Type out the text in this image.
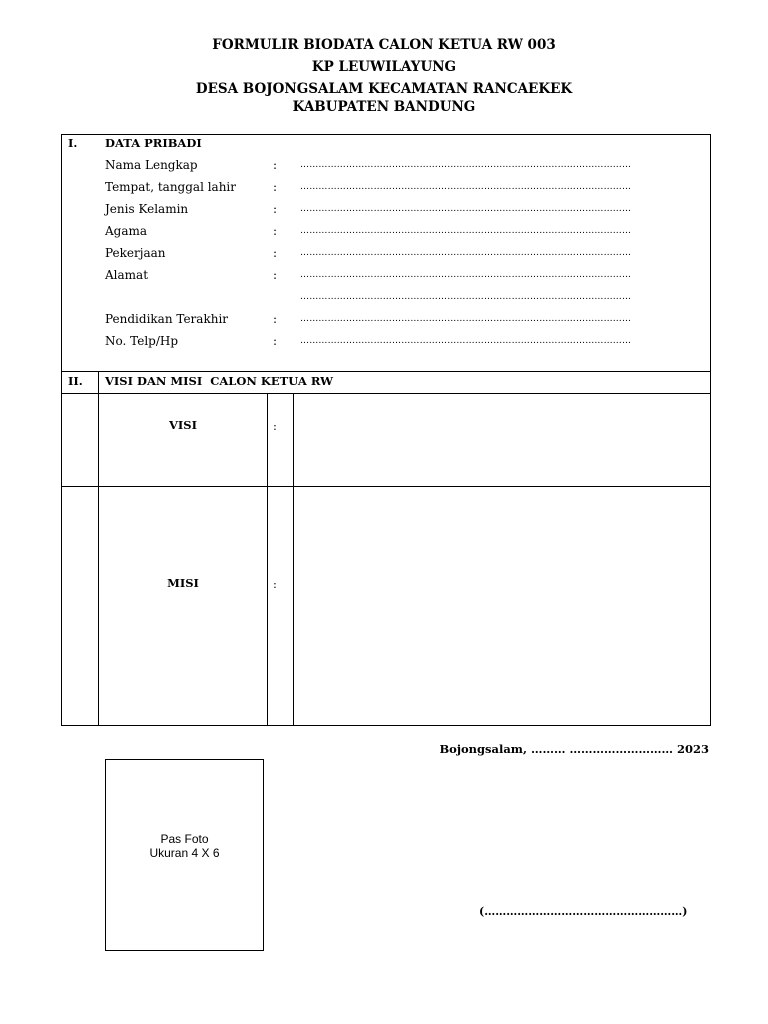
FORMULIR BIODATA CALON KETUA RW 003
KP LEUWILAYUNG
DESA BOJONGSALAM KECAMATAN RANCAEKEK
KABUPATEN BANDUNG
I. DATA PRIBADI
Nama Lengkap	:	………………………………………………………………………………………………
Tempat, tanggal lahir	:	………………………………………………………………………………………………
Jenis Kelamin	:	………………………………………………………………………………………………
Agama	:	………………………………………………………………………………………………
Pekerjaan	:	………………………………………………………………………………………………
Alamat	:	………………………………………………………………………………………………
………………………………………………………………………………………………
Pendidikan Terakhir	:	………………………………………………………………………………………………
No. Telp/Hp	:	………………………………………………………………………………………………
II. VISI DAN MISI  CALON KETUA RW
VISI	:
MISI	:
Bojongsalam, ……… ……………………… 2023
Pas Foto
Ukuran 4 X 6
(………………………………………………)
